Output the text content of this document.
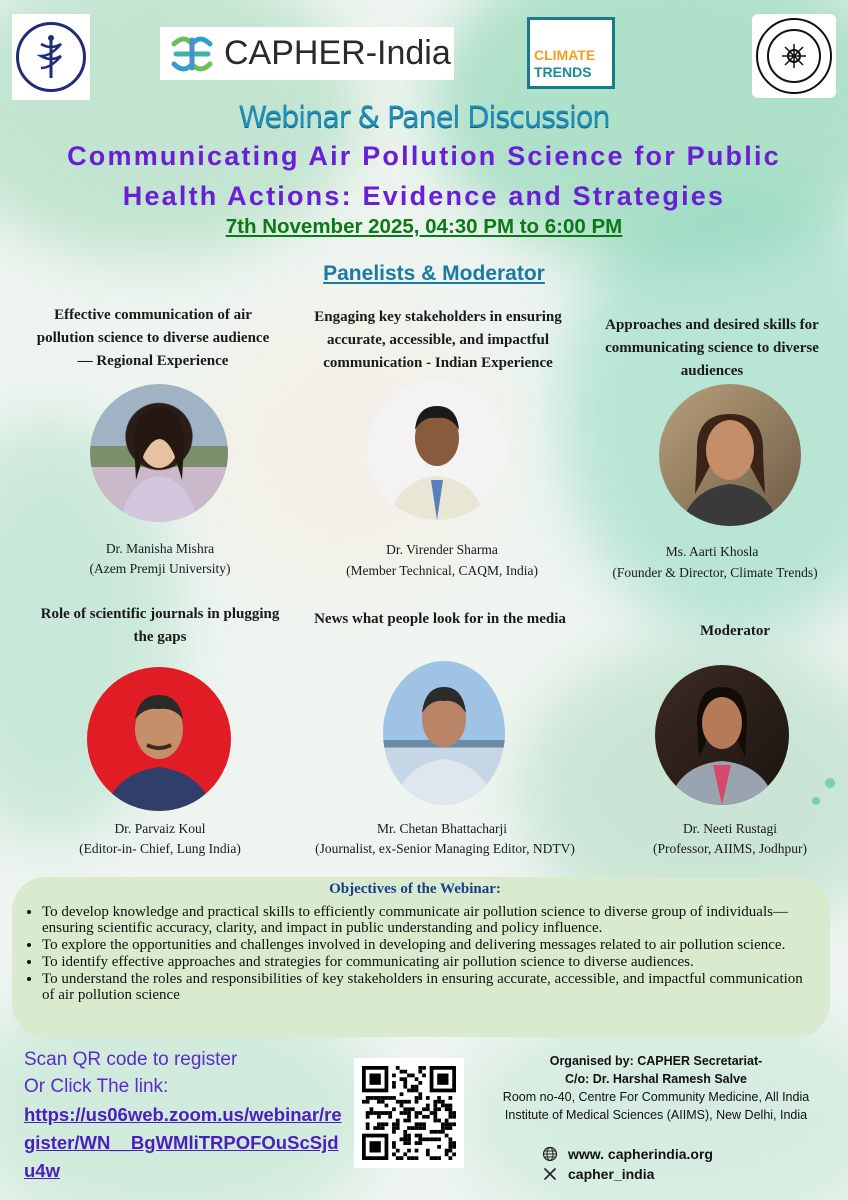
CAPHER-India	CLIMATE
TRENDS
Webinar & Panel Discussion
Communicating Air Pollution Science for Public
Health Actions: Evidence and Strategies
7th November 2025, 04:30 PM to 6:00 PM
Panelists & Moderator
Effective communication of air pollution science to diverse audience— Regional Experience
Dr. Manisha Mishra
(Azem Premji University)
Engaging key stakeholders in ensuring accurate, accessible, and impactful communication - Indian Experience
Dr. Virender Sharma
(Member Technical, CAQM, India)
Approaches and desired skills for communicating science to diverse audiences
Ms. Aarti Khosla
(Founder & Director, Climate Trends)
Role of scientific journals in plugging the gaps
Dr. Parvaiz Koul
(Editor-in- Chief, Lung India)
News what people look for in the media
Mr. Chetan Bhattacharji
(Journalist, ex-Senior Managing Editor, NDTV)
Moderator
Dr. Neeti Rustagi
(Professor, AIIMS, Jodhpur)
Objectives of the Webinar:
• To develop knowledge and practical skills to efficiently communicate air pollution science to diverse group of individuals—ensuring scientific accuracy, clarity, and impact in public understanding and policy influence.
• To explore the opportunities and challenges involved in developing and delivering messages related to air pollution science.
• To identify effective approaches and strategies for communicating air pollution science to diverse audiences.
• To understand the roles and responsibilities of key stakeholders in ensuring accurate, accessible, and impactful communication of air pollution science
Scan QR code to register
Or Click The link:
https://us06web.zoom.us/webinar/register/WN__BgWMliTRPOFOuScSjdu4w
Organised by: CAPHER Secretariat-
C/o: Dr. Harshal Ramesh Salve
Room no-40, Centre For Community Medicine, All India
Institute of Medical Sciences (AIIMS), New Delhi, India
www. capherindia.org
capher_india
